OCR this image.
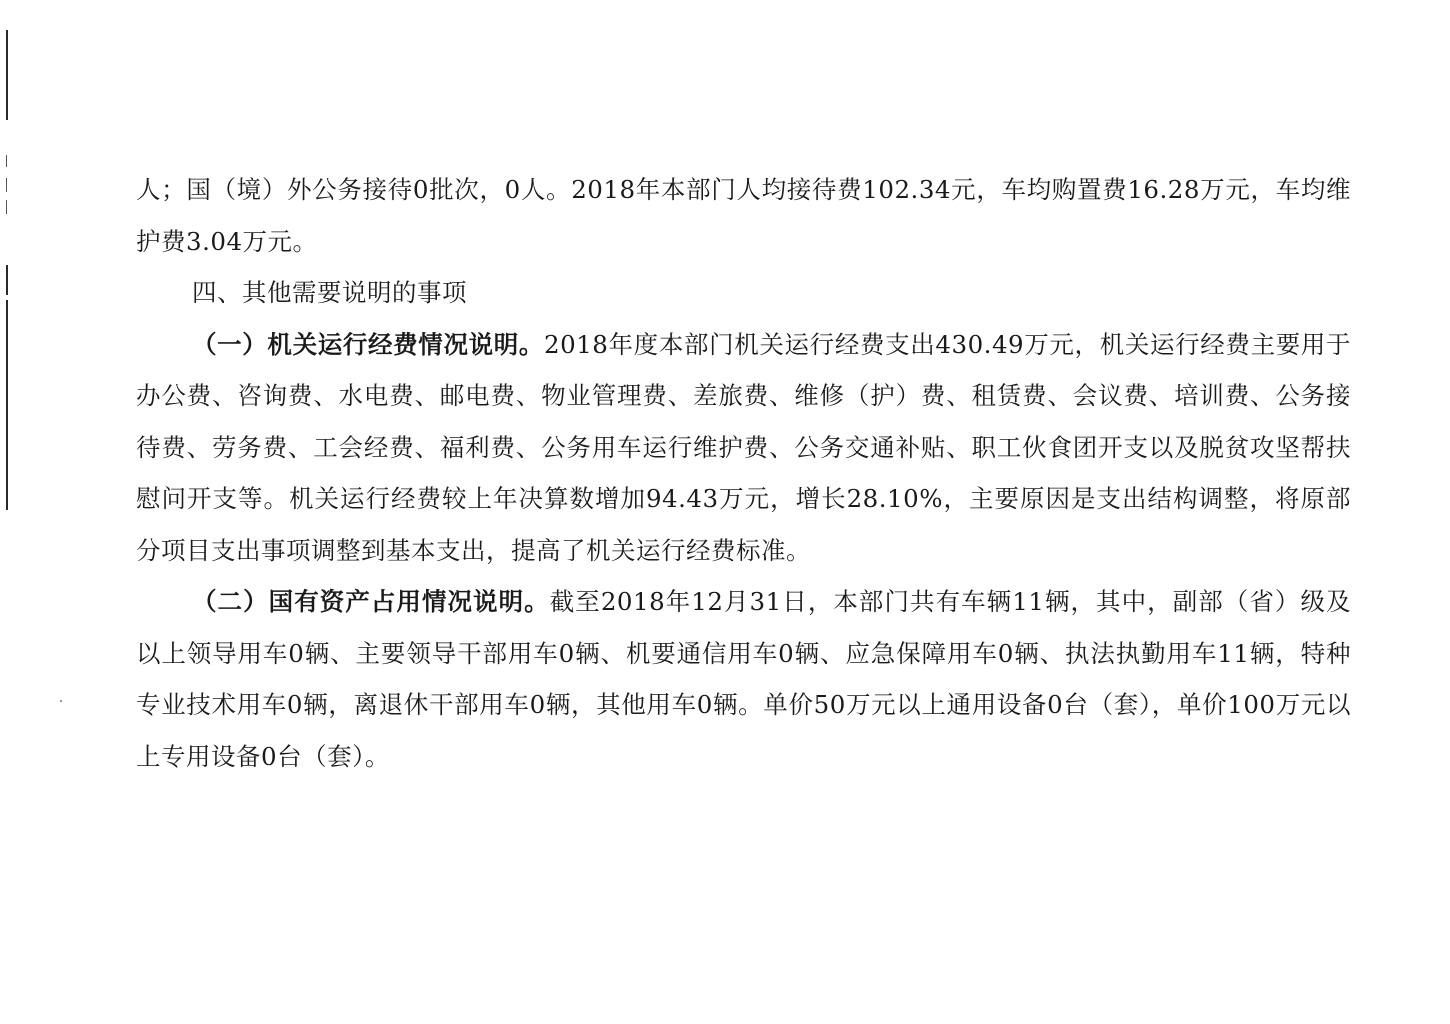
人；国（境）外公务接待0批次，0人。2018年本部门人均接待费102.34元，车均购置费16.28万元，车均维护费3.04万元。

四、其他需要说明的事项

（一）机关运行经费情况说明。2018年度本部门机关运行经费支出430.49万元，机关运行经费主要用于办公费、咨询费、水电费、邮电费、物业管理费、差旅费、维修（护）费、租赁费、会议费、培训费、公务接待费、劳务费、工会经费、福利费、公务用车运行维护费、公务交通补贴、职工伙食团开支以及脱贫攻坚帮扶慰问开支等。机关运行经费较上年决算数增加94.43万元，增长28.10%，主要原因是支出结构调整，将原部分项目支出事项调整到基本支出，提高了机关运行经费标准。

（二）国有资产占用情况说明。截至2018年12月31日，本部门共有车辆11辆，其中，副部（省）级及以上领导用车0辆、主要领导干部用车0辆、机要通信用车0辆、应急保障用车0辆、执法执勤用车11辆，特种专业技术用车0辆，离退休干部用车0辆，其他用车0辆。单价50万元以上通用设备0台（套），单价100万元以上专用设备0台（套）。
